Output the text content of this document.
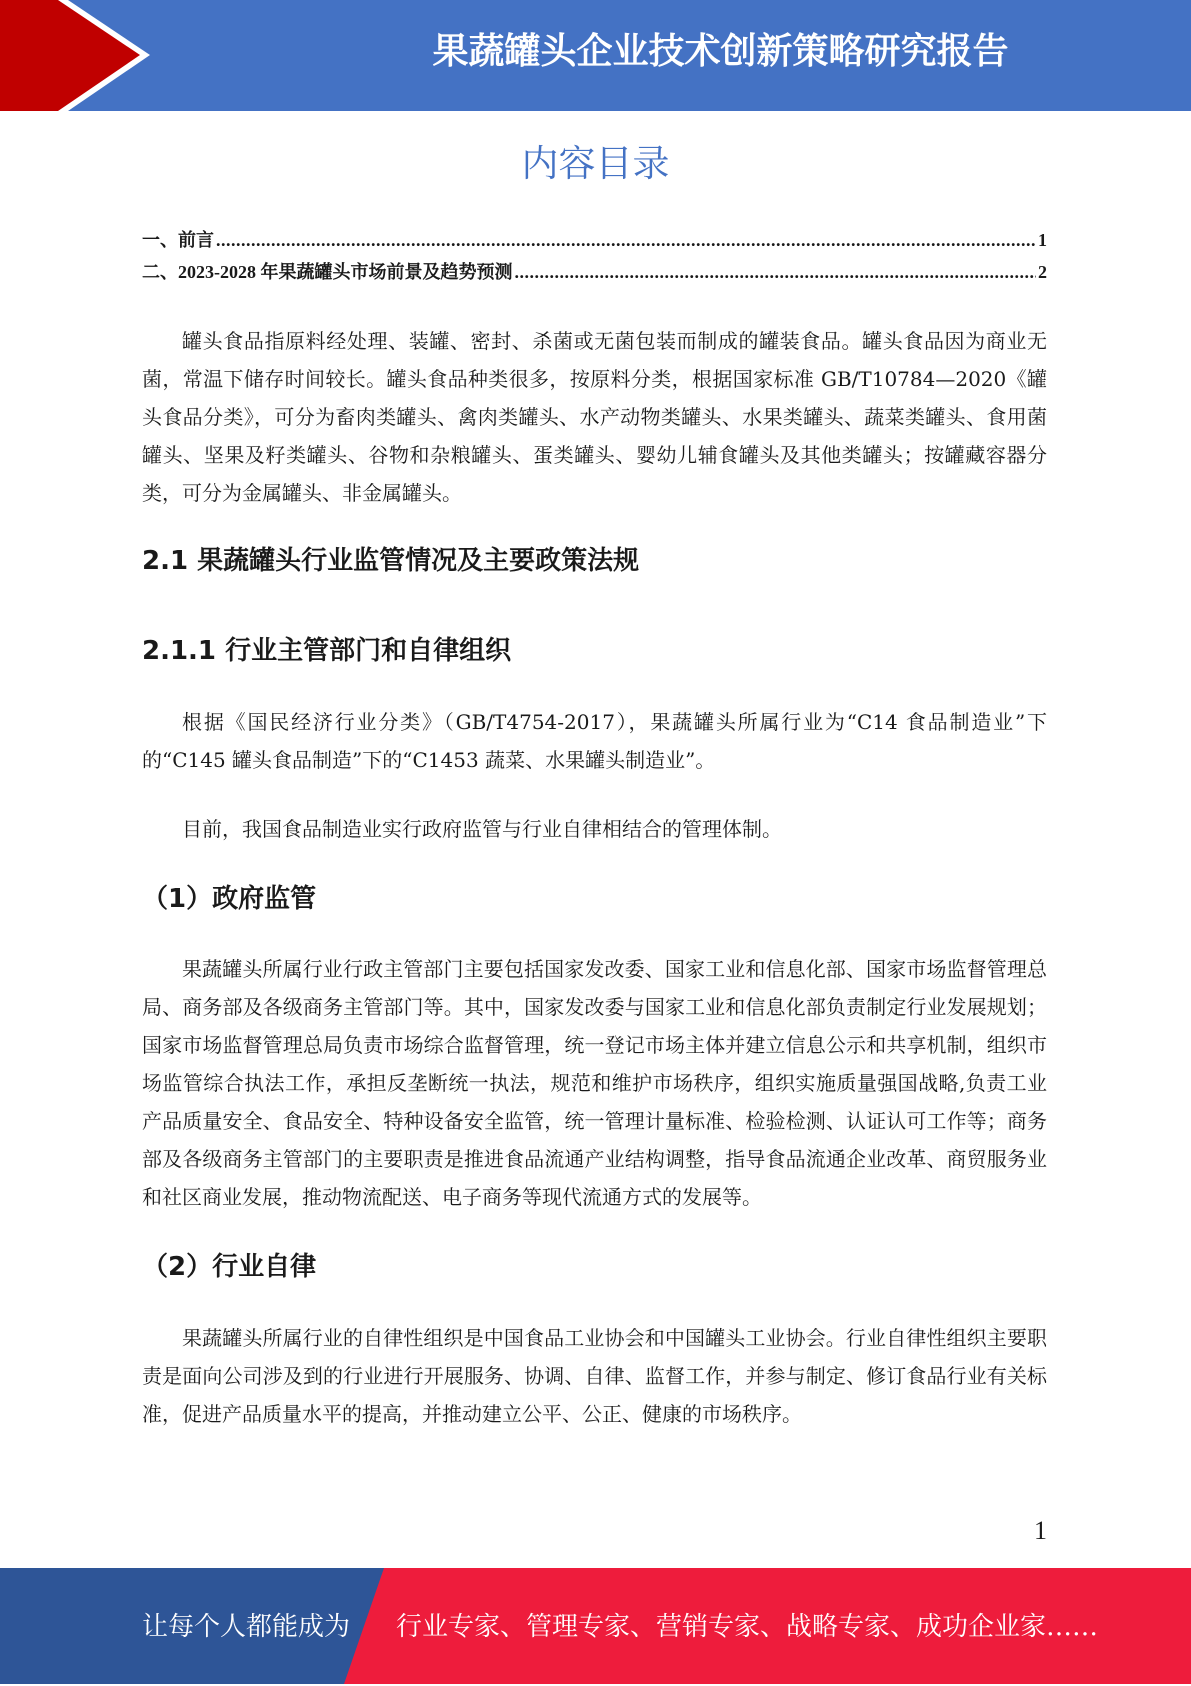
果蔬罐头企业技术创新策略研究报告
内容目录
一、前言 .....	1
二、2023-2028 年果蔬罐头市场前景及趋势预测 .....	2

罐头食品指原料经处理、装罐、密封、杀菌或无菌包装而制成的罐装食品。罐头食品因为商业无菌，常温下储存时间较长。罐头食品种类很多，按原料分类，根据国家标准 GB/T10784—2020《罐头食品分类》，可分为畜肉类罐头、禽肉类罐头、水产动物类罐头、水果类罐头、蔬菜类罐头、食用菌罐头、坚果及籽类罐头、谷物和杂粮罐头、蛋类罐头、婴幼儿辅食罐头及其他类罐头；按罐藏容器分类，可分为金属罐头、非金属罐头。

2.1 果蔬罐头行业监管情况及主要政策法规
2.1.1 行业主管部门和自律组织

根据《国民经济行业分类》（GB/T4754-2017），果蔬罐头所属行业为“C14 食品制造业”下的“C145 罐头食品制造”下的“C1453 蔬菜、水果罐头制造业”。

目前，我国食品制造业实行政府监管与行业自律相结合的管理体制。

（1）政府监管

果蔬罐头所属行业行政主管部门主要包括国家发改委、国家工业和信息化部、国家市场监督管理总局、商务部及各级商务主管部门等。其中，国家发改委与国家工业和信息化部负责制定行业发展规划；国家市场监督管理总局负责市场综合监督管理，统一登记市场主体并建立信息公示和共享机制，组织市场监管综合执法工作，承担反垄断统一执法，规范和维护市场秩序，组织实施质量强国战略,负责工业产品质量安全、食品安全、特种设备安全监管，统一管理计量标准、检验检测、认证认可工作等；商务部及各级商务主管部门的主要职责是推进食品流通产业结构调整，指导食品流通企业改革、商贸服务业和社区商业发展，推动物流配送、电子商务等现代流通方式的发展等。

（2）行业自律

果蔬罐头所属行业的自律性组织是中国食品工业协会和中国罐头工业协会。行业自律性组织主要职责是面向公司涉及到的行业进行开展服务、协调、自律、监督工作，并参与制定、修订食品行业有关标准，促进产品质量水平的提高，并推动建立公平、公正、健康的市场秩序。

1
让每个人都能成为 行业专家、管理专家、营销专家、战略专家、成功企业家……
